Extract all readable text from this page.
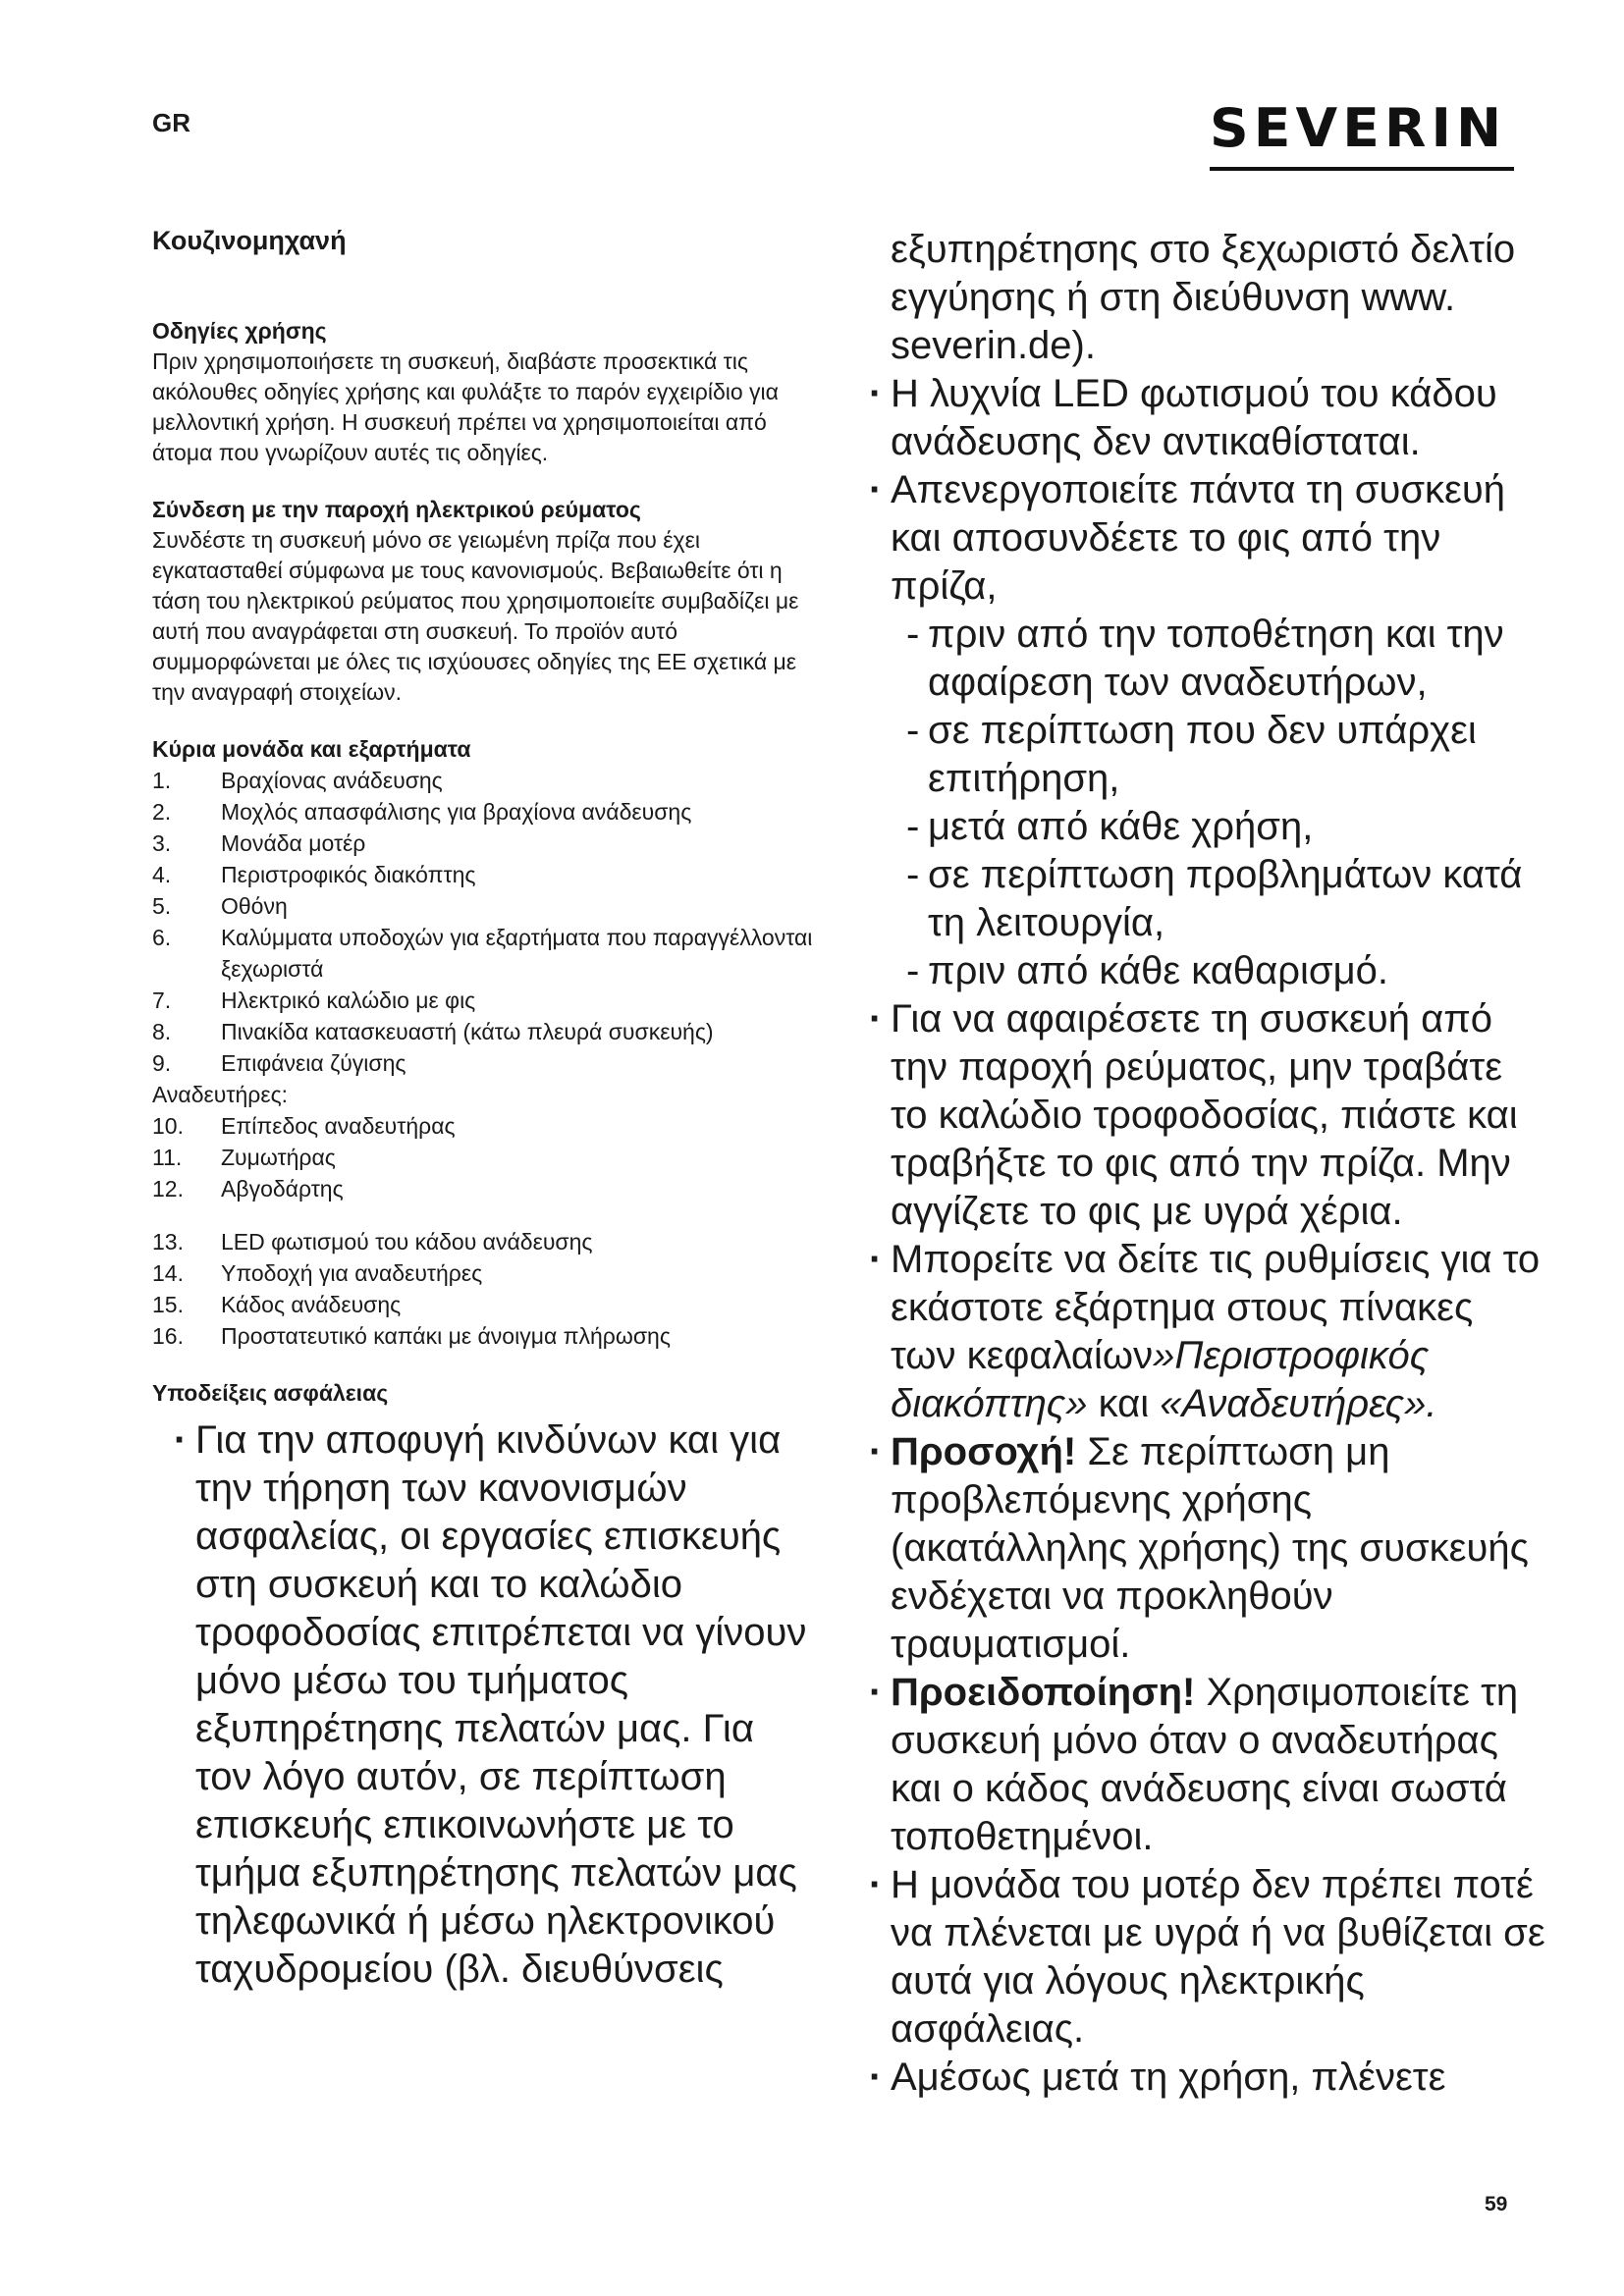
GR	SEVERIN
Κουζινομηχανή
Οδηγίες χρήσης

Πριν χρησιμοποιήσετε τη συσκευή, διαβάστε προσεκτικά τις ακόλουθες οδηγίες χρήσης και φυλάξτε το παρόν εγχειρίδιο για μελλοντική χρήση. Η συσκευή πρέπει να χρησιμοποιείται από άτομα που γνωρίζουν αυτές τις οδηγίες.

Σύνδεση με την παροχή ηλεκτρικού ρεύματος

Συνδέστε τη συσκευή μόνο σε γειωμένη πρίζα που έχει εγκατασταθεί σύμφωνα με τους κανονισμούς. Βεβαιωθείτε ότι η τάση του ηλεκτρικού ρεύματος που χρησιμοποιείτε συμβαδίζει με αυτή που αναγράφεται στη συσκευή. Το προϊόν αυτό συμμορφώνεται με όλες τις ισχύουσες οδηγίες της ΕΕ σχετικά με την αναγραφή στοιχείων.

Κύρια μονάδα και εξαρτήματα
1.	Βραχίονας ανάδευσης
2.	Μοχλός απασφάλισης για βραχίονα ανάδευσης
3.	Μονάδα μοτέρ
4.	Περιστροφικός διακόπτης
5.	Οθόνη
6.	Καλύμματα υποδοχών για εξαρτήματα που παραγγέλλονται ξεχωριστά
7.	Ηλεκτρικό καλώδιο με φις
8.	Πινακίδα κατασκευαστή (κάτω πλευρά συσκευής)
9.	Επιφάνεια ζύγισης
Αναδευτήρες:
10.	Επίπεδος αναδευτήρας
11.	Ζυμωτήρας
12.	Αβγοδάρτης
13.	LED φωτισμού του κάδου ανάδευσης
14.	Υποδοχή για αναδευτήρες
15.	Κάδος ανάδευσης
16.	Προστατευτικό καπάκι με άνοιγμα πλήρωσης
Υποδείξεις ασφάλειας
· Για την αποφυγή κινδύνων και για την τήρηση των κανονισμών ασφαλείας, οι εργασίες επισκευής στη συσκευή και το καλώδιο τροφοδοσίας επιτρέπεται να γίνουν μόνο μέσω του τμήματος εξυπηρέτησης πελατών μας. Για τον λόγο αυτόν, σε περίπτωση επισκευής επικοινωνήστε με το τμήμα εξυπηρέτησης πελατών μας τηλεφωνικά ή μέσω ηλεκτρονικού ταχυδρομείου (βλ. διευθύνσεις
εξυπηρέτησης στο ξεχωριστό δελτίο εγγύησης ή στη διεύθυνση www. severin.de).
· Η λυχνία LED φωτισμού του κάδου ανάδευσης δεν αντικαθίσταται.
· Απενεργοποιείτε πάντα τη συσκευή και αποσυνδέετε το φις από την πρίζα,
- πριν από την τοποθέτηση και την αφαίρεση των αναδευτήρων,
- σε περίπτωση που δεν υπάρχει επιτήρηση,
- μετά από κάθε χρήση,
- σε περίπτωση προβλημάτων κατά τη λειτουργία,
- πριν από κάθε καθαρισμό.
· Για να αφαιρέσετε τη συσκευή από την παροχή ρεύματος, μην τραβάτε το καλώδιο τροφοδοσίας, πιάστε και τραβήξτε το φις από την πρίζα. Μην αγγίζετε το φις με υγρά χέρια.
· Μπορείτε να δείτε τις ρυθμίσεις για το εκάστοτε εξάρτημα στους πίνακες των κεφαλαίων»Περιστροφικός διακόπτης» και «Αναδευτήρες».
· Προσοχή! Σε περίπτωση μη προβλεπόμενης χρήσης (ακατάλληλης χρήσης) της συσκευής ενδέχεται να προκληθούν τραυματισμοί.
· Προειδοποίηση! Χρησιμοποιείτε τη συσκευή μόνο όταν ο αναδευτήρας και ο κάδος ανάδευσης είναι σωστά τοποθετημένοι.
· Η μονάδα του μοτέρ δεν πρέπει ποτέ να πλένεται με υγρά ή να βυθίζεται σε αυτά για λόγους ηλεκτρικής ασφάλειας.
· Αμέσως μετά τη χρήση, πλένετε
59
